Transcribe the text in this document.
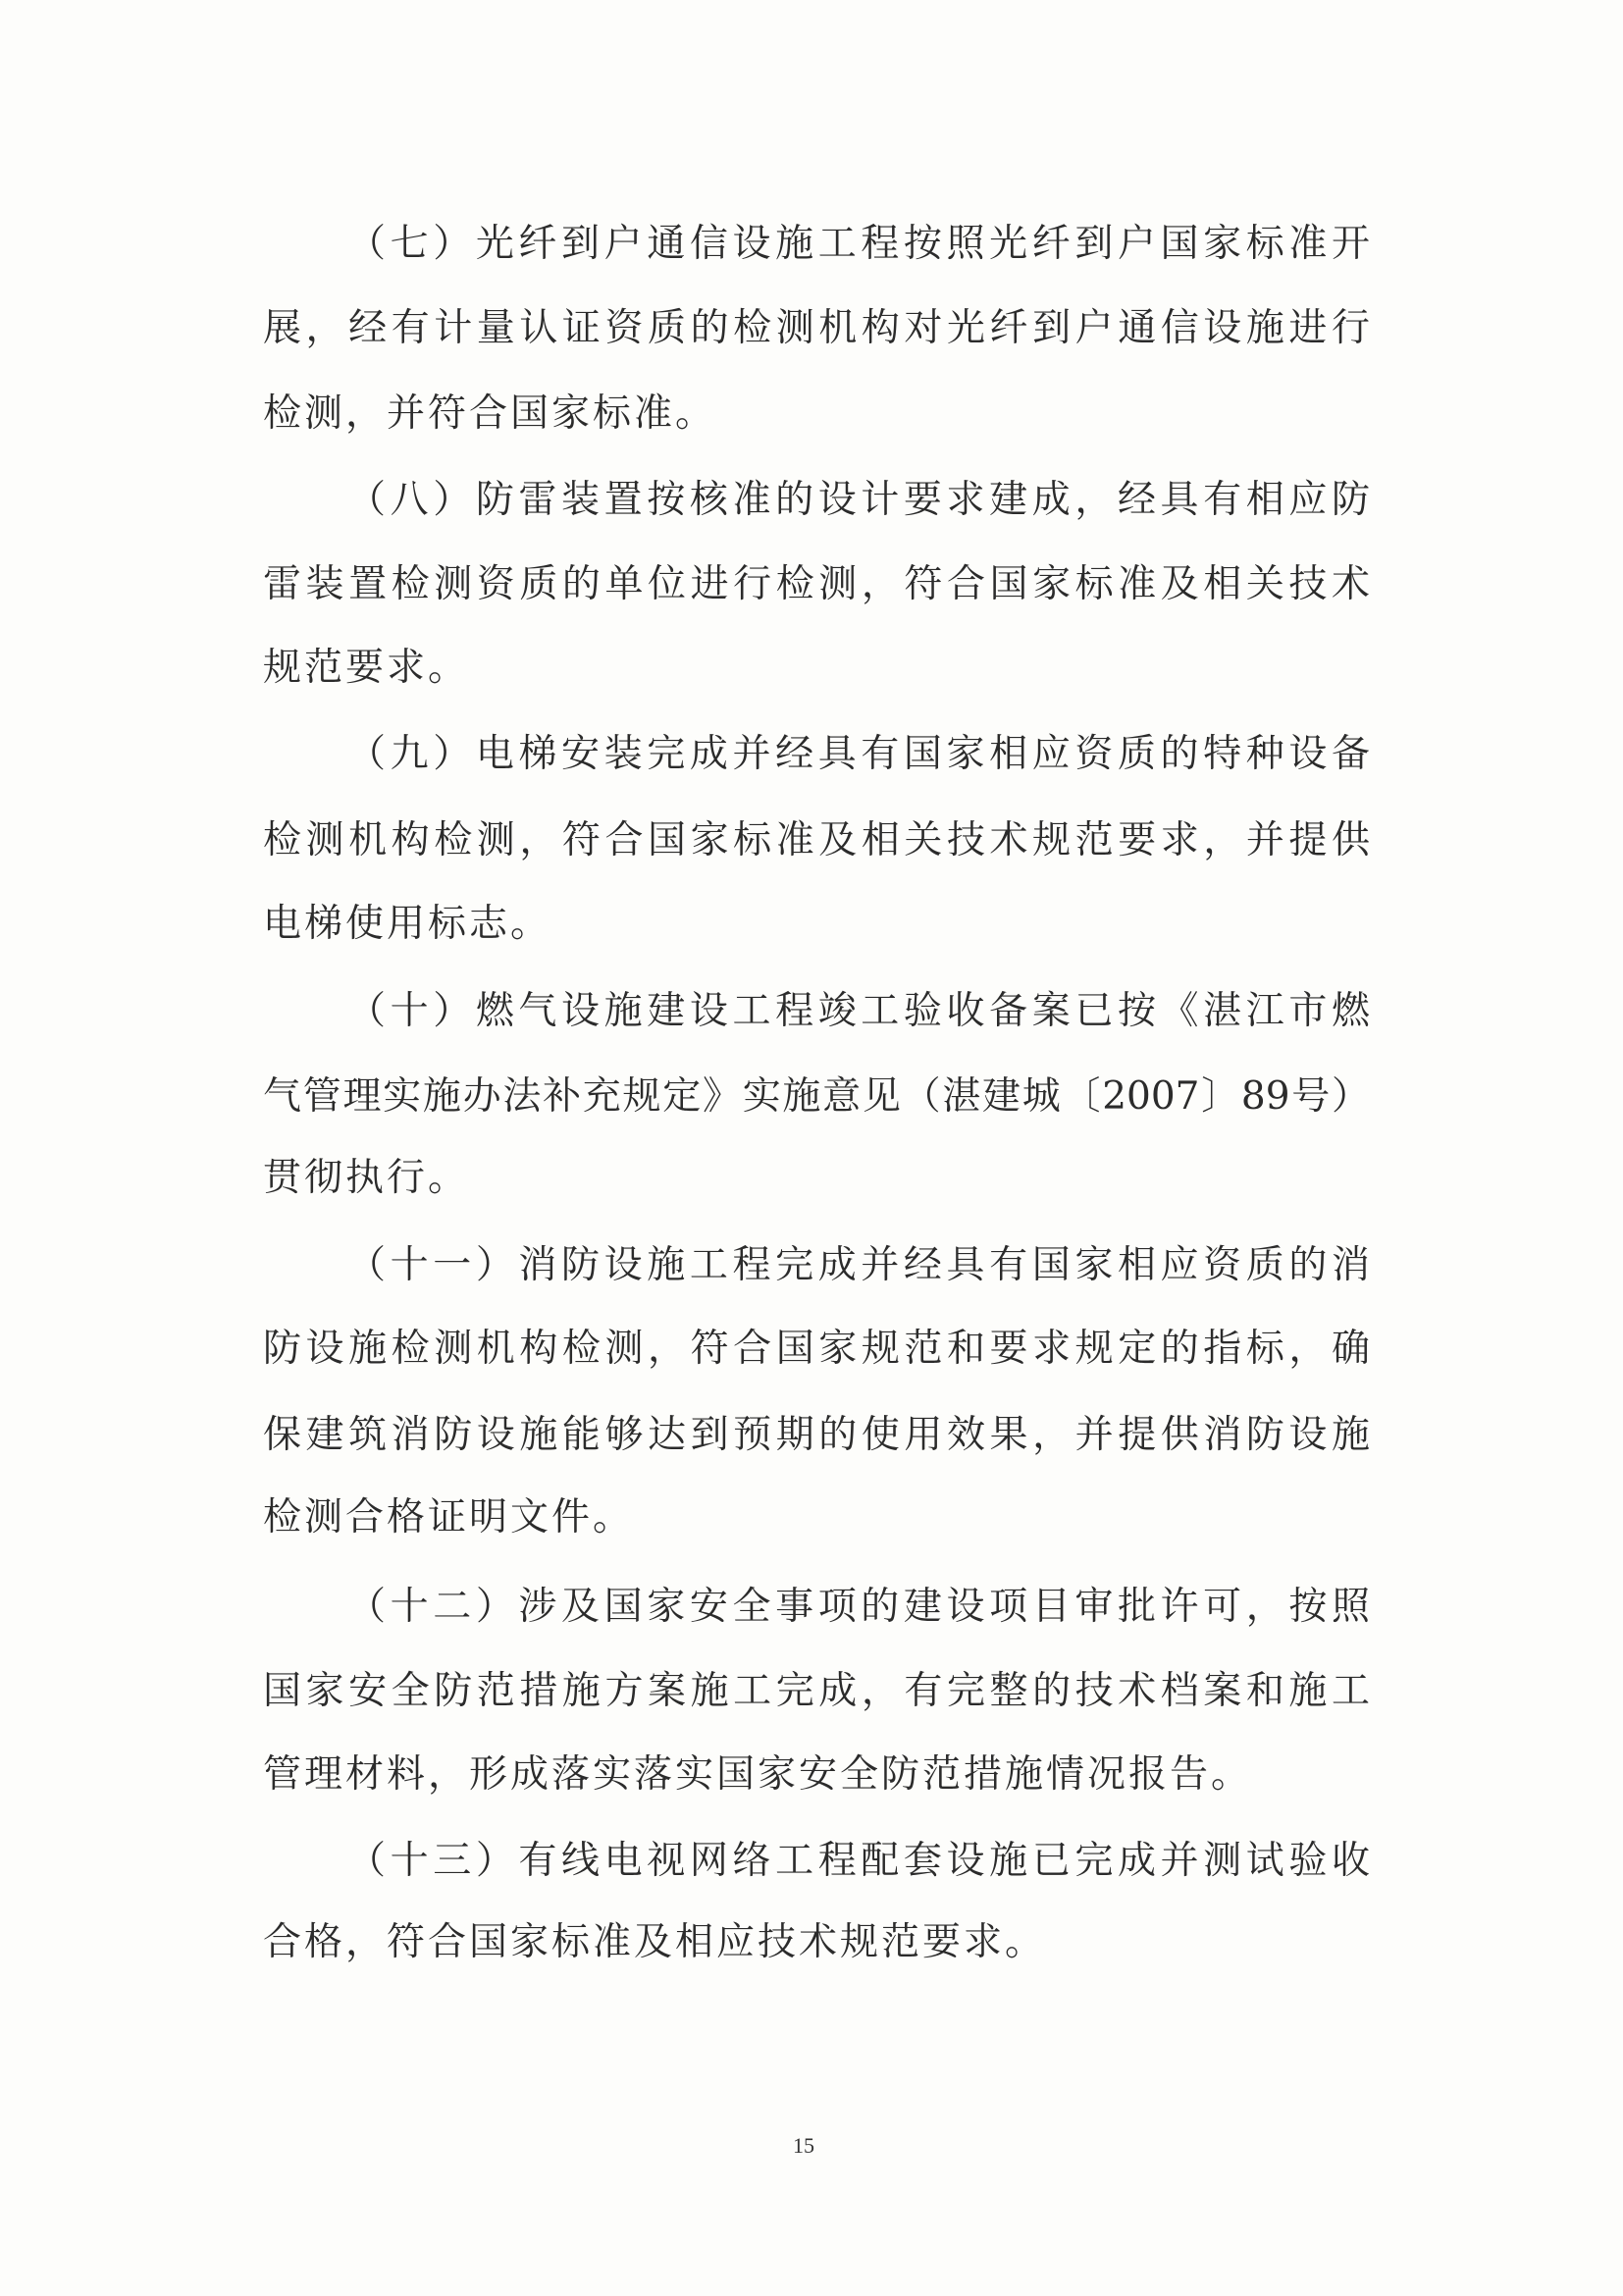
（七）光纤到户通信设施工程按照光纤到户国家标准开
展，经有计量认证资质的检测机构对光纤到户通信设施进行
检测，并符合国家标准。
（八）防雷装置按核准的设计要求建成，经具有相应防
雷装置检测资质的单位进行检测，符合国家标准及相关技术
规范要求。
（九）电梯安装完成并经具有国家相应资质的特种设备
检测机构检测，符合国家标准及相关技术规范要求，并提供
电梯使用标志。
（十）燃气设施建设工程竣工验收备案已按《湛江市燃
气管理实施办法补充规定》实施意见（湛建城〔2007〕89号）
贯彻执行。
（十一）消防设施工程完成并经具有国家相应资质的消
防设施检测机构检测，符合国家规范和要求规定的指标，确
保建筑消防设施能够达到预期的使用效果，并提供消防设施
检测合格证明文件。
（十二）涉及国家安全事项的建设项目审批许可，按照
国家安全防范措施方案施工完成，有完整的技术档案和施工
管理材料，形成落实落实国家安全防范措施情况报告。
（十三）有线电视网络工程配套设施已完成并测试验收
合格，符合国家标准及相应技术规范要求。
15
